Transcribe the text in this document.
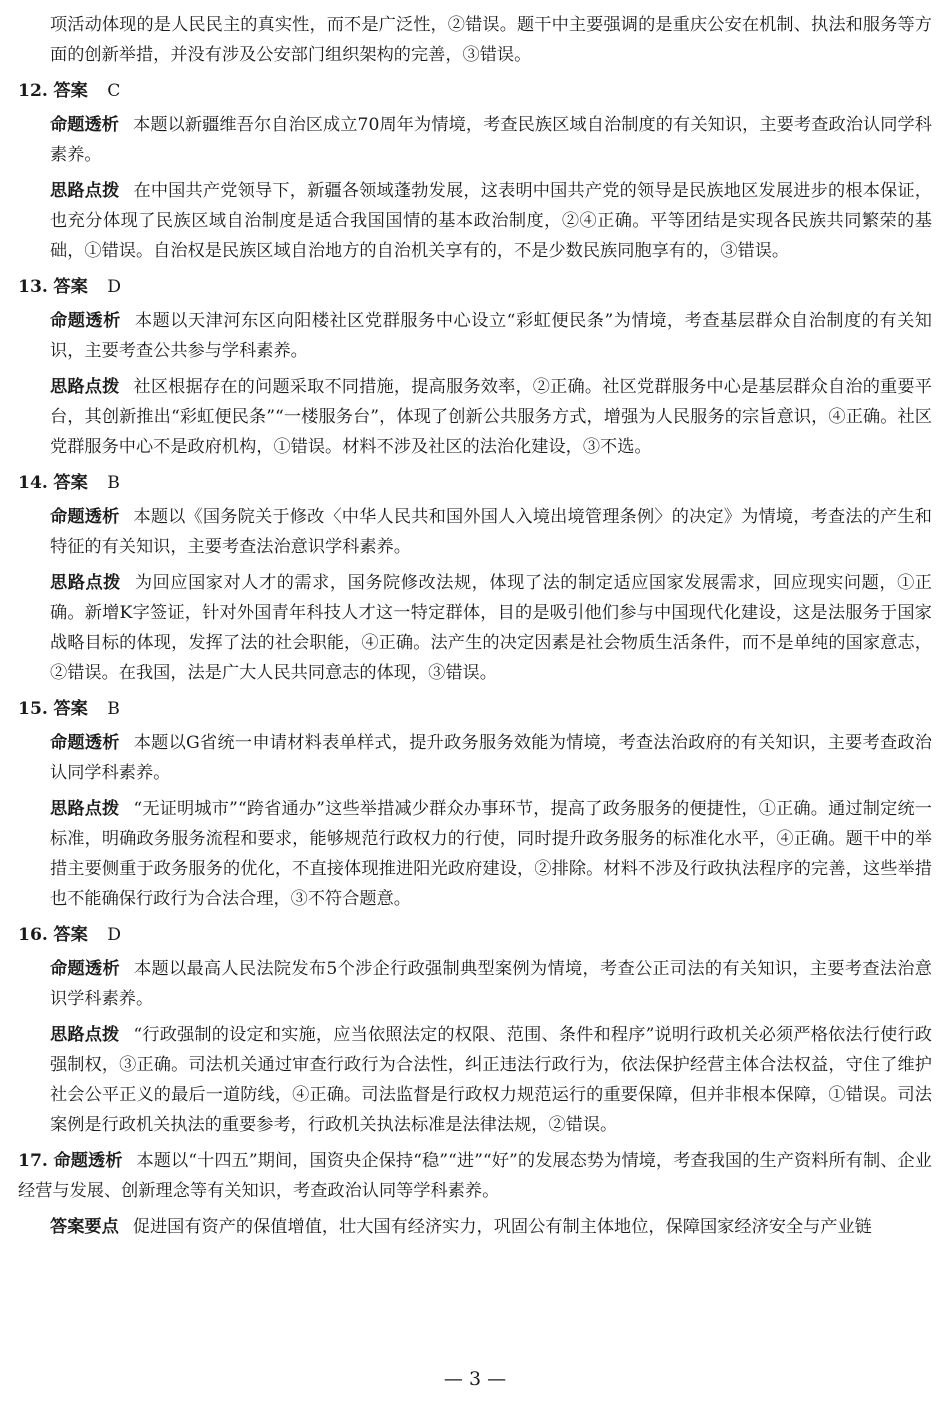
项活动体现的是人民民主的真实性，而不是广泛性，②错误。题干中主要强调的是重庆公安在机制、执法和服务等方面的创新举措，并没有涉及公安部门组织架构的完善，③错误。

12. 答案 C

命题透析 本题以新疆维吾尔自治区成立70周年为情境，考查民族区域自治制度的有关知识，主要考查政治认同学科素养。

思路点拨 在中国共产党领导下，新疆各领域蓬勃发展，这表明中国共产党的领导是民族地区发展进步的根本保证，也充分体现了民族区域自治制度是适合我国国情的基本政治制度，②④正确。平等团结是实现各民族共同繁荣的基础，①错误。自治权是民族区域自治地方的自治机关享有的，不是少数民族同胞享有的，③错误。

13. 答案 D

命题透析 本题以天津河东区向阳楼社区党群服务中心设立“彩虹便民条”为情境，考查基层群众自治制度的有关知识，主要考查公共参与学科素养。

思路点拨 社区根据存在的问题采取不同措施，提高服务效率，②正确。社区党群服务中心是基层群众自治的重要平台，其创新推出“彩虹便民条”“一楼服务台”，体现了创新公共服务方式，增强为人民服务的宗旨意识，④正确。社区党群服务中心不是政府机构，①错误。材料不涉及社区的法治化建设，③不选。

14. 答案 B

命题透析 本题以《国务院关于修改〈中华人民共和国外国人入境出境管理条例〉的决定》为情境，考查法的产生和特征的有关知识，主要考查法治意识学科素养。

思路点拨 为回应国家对人才的需求，国务院修改法规，体现了法的制定适应国家发展需求，回应现实问题，①正确。新增K字签证，针对外国青年科技人才这一特定群体，目的是吸引他们参与中国现代化建设，这是法服务于国家战略目标的体现，发挥了法的社会职能，④正确。法产生的决定因素是社会物质生活条件，而不是单纯的国家意志，②错误。在我国，法是广大人民共同意志的体现，③错误。

15. 答案 B

命题透析 本题以G省统一申请材料表单样式，提升政务服务效能为情境，考查法治政府的有关知识，主要考查政治认同学科素养。

思路点拨 “无证明城市”“跨省通办”这些举措减少群众办事环节，提高了政务服务的便捷性，①正确。通过制定统一标准，明确政务服务流程和要求，能够规范行政权力的行使，同时提升政务服务的标准化水平，④正确。题干中的举措主要侧重于政务服务的优化，不直接体现推进阳光政府建设，②排除。材料不涉及行政执法程序的完善，这些举措也不能确保行政行为合法合理，③不符合题意。

16. 答案 D

命题透析 本题以最高人民法院发布5个涉企行政强制典型案例为情境，考查公正司法的有关知识，主要考查法治意识学科素养。

思路点拨 “行政强制的设定和实施，应当依照法定的权限、范围、条件和程序”说明行政机关必须严格依法行使行政强制权，③正确。司法机关通过审查行政行为合法性，纠正违法行政行为，依法保护经营主体合法权益，守住了维护社会公平正义的最后一道防线，④正确。司法监督是行政权力规范运行的重要保障，但并非根本保障，①错误。司法案例是行政机关执法的重要参考，行政机关执法标准是法律法规，②错误。

17. 命题透析 本题以“十四五”期间，国资央企保持“稳”“进”“好”的发展态势为情境，考查我国的生产资料所有制、企业经营与发展、创新理念等有关知识，考查政治认同等学科素养。

答案要点 促进国有资产的保值增值，壮大国有经济实力，巩固公有制主体地位，保障国家经济安全与产业链

— 3 —
